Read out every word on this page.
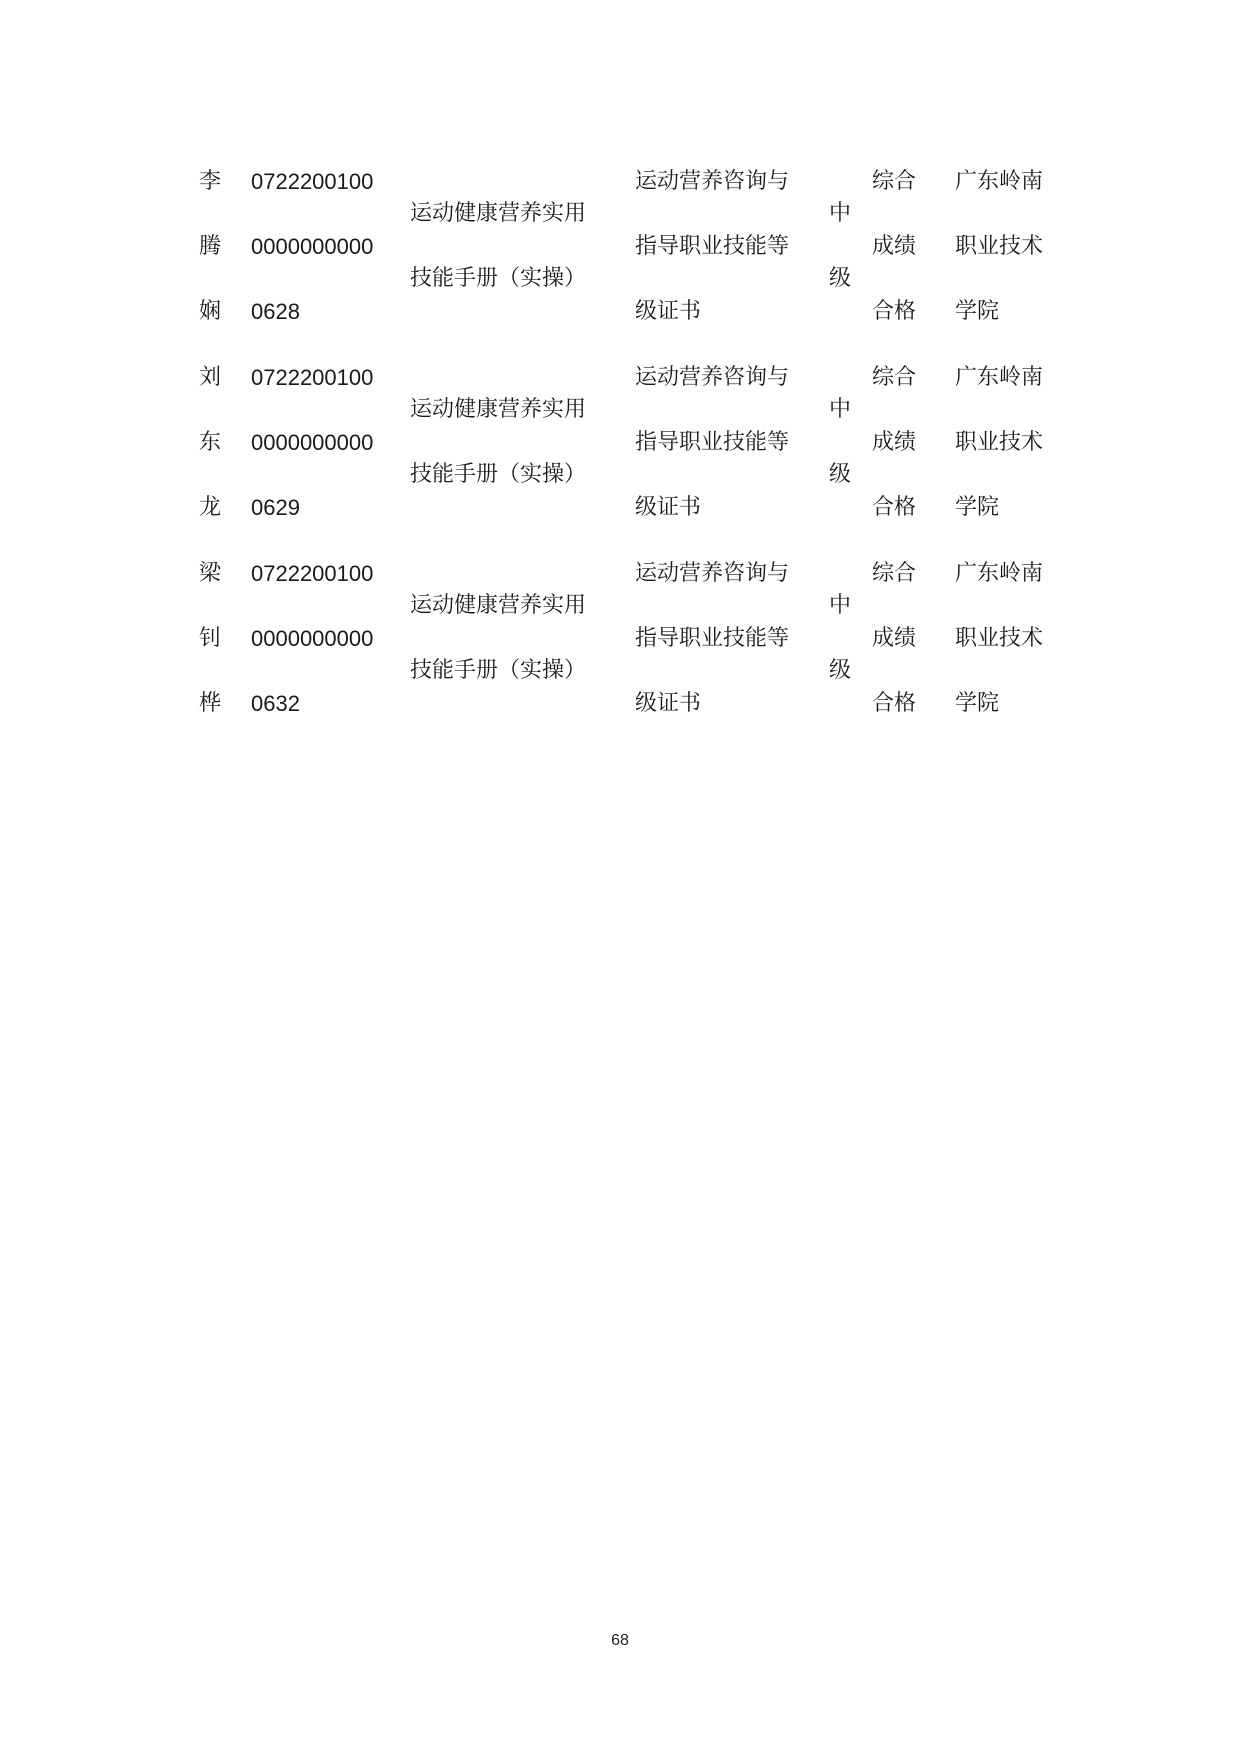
李
腾
娴
0722200100
0000000000
0628
运动健康营养实用
技能手册（实操）
运动营养咨询与
指导职业技能等
级证书
中
级
综合
成绩
合格
广东岭南
职业技术
学院
刘
东
龙
0722200100
0000000000
0629
运动健康营养实用
技能手册（实操）
运动营养咨询与
指导职业技能等
级证书
中
级
综合
成绩
合格
广东岭南
职业技术
学院
梁
钊
桦
0722200100
0000000000
0632
运动健康营养实用
技能手册（实操）
运动营养咨询与
指导职业技能等
级证书
中
级
综合
成绩
合格
广东岭南
职业技术
学院
68
